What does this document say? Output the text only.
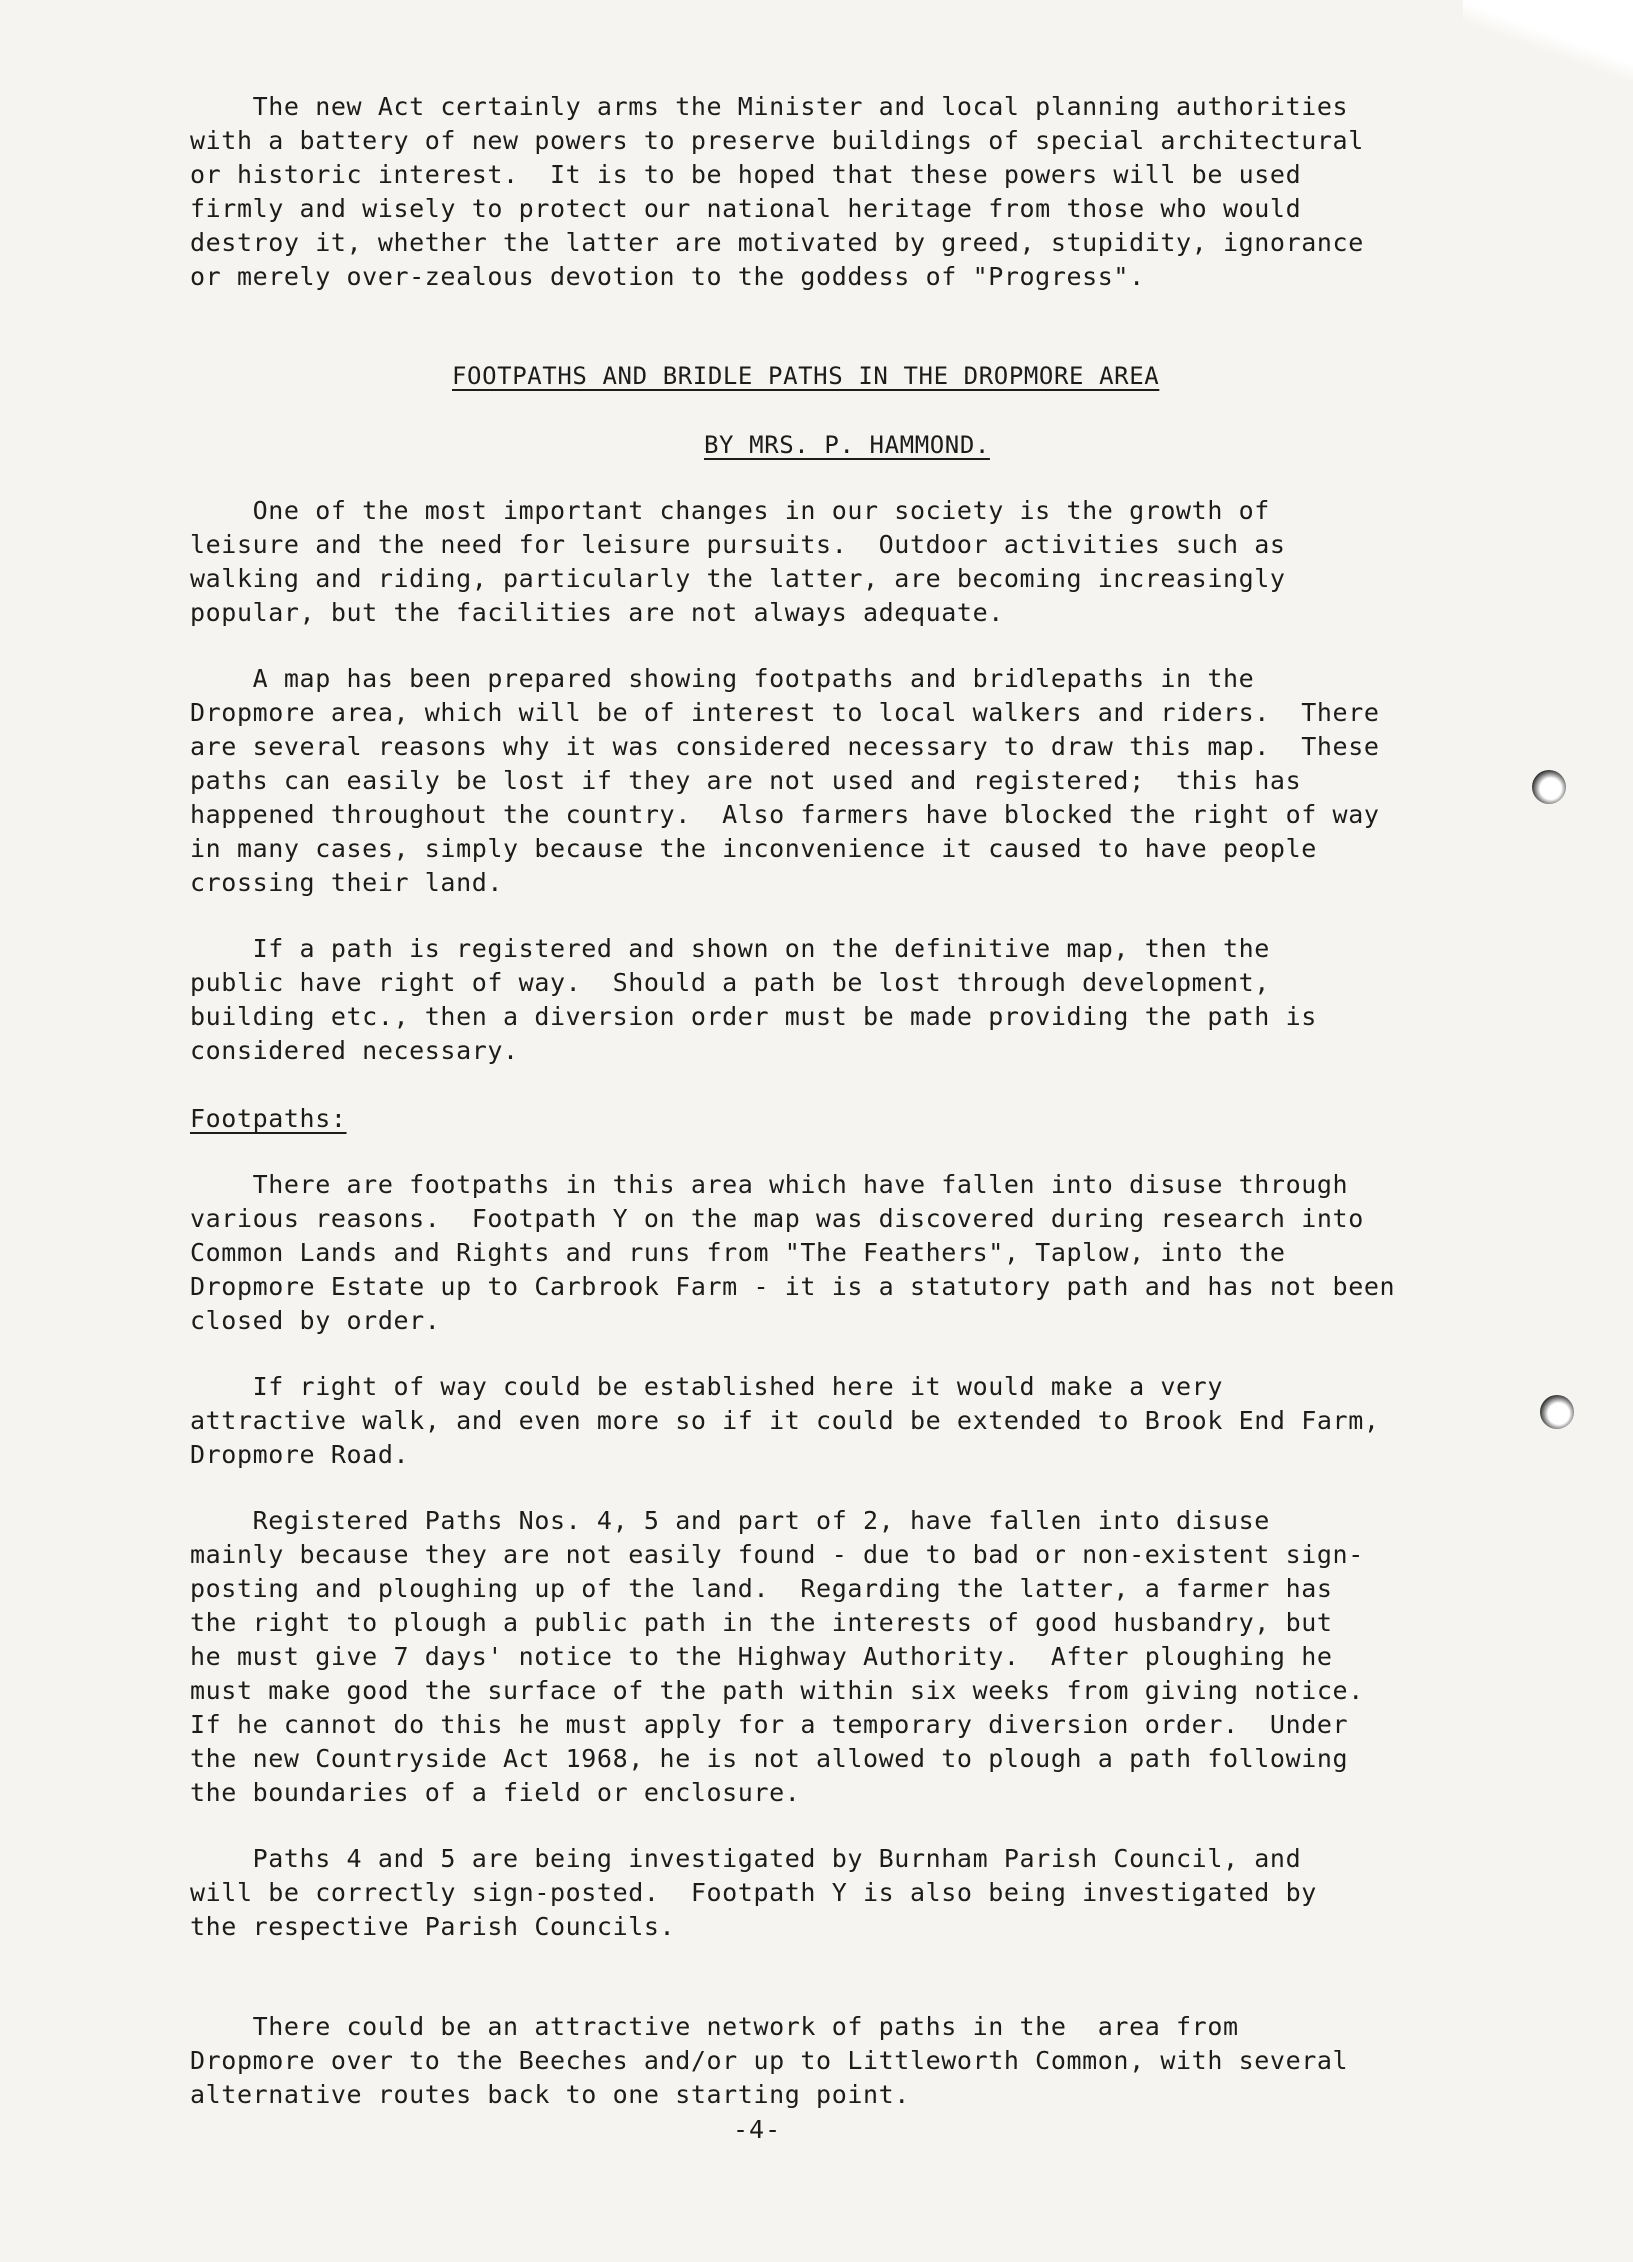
The new Act certainly arms the Minister and local planning authorities
with a battery of new powers to preserve buildings of special architectural
or historic interest.  It is to be hoped that these powers will be used
firmly and wisely to protect our national heritage from those who would
destroy it, whether the latter are motivated by greed, stupidity, ignorance
or merely over-zealous devotion to the goddess of "Progress".
FOOTPATHS AND BRIDLE PATHS IN THE DROPMORE AREA
BY MRS. P. HAMMOND.
One of the most important changes in our society is the growth of
leisure and the need for leisure pursuits.  Outdoor activities such as
walking and riding, particularly the latter, are becoming increasingly
popular, but the facilities are not always adequate.
A map has been prepared showing footpaths and bridlepaths in the
Dropmore area, which will be of interest to local walkers and riders.  There
are several reasons why it was considered necessary to draw this map.  These
paths can easily be lost if they are not used and registered;  this has
happened throughout the country.  Also farmers have blocked the right of way
in many cases, simply because the inconvenience it caused to have people
crossing their land.
If a path is registered and shown on the definitive map, then the
public have right of way.  Should a path be lost through development,
building etc., then a diversion order must be made providing the path is
considered necessary.
Footpaths:
There are footpaths in this area which have fallen into disuse through
various reasons.  Footpath Y on the map was discovered during research into
Common Lands and Rights and runs from "The Feathers", Taplow, into the
Dropmore Estate up to Carbrook Farm - it is a statutory path and has not been
closed by order.
If right of way could be established here it would make a very
attractive walk, and even more so if it could be extended to Brook End Farm,
Dropmore Road.
Registered Paths Nos. 4, 5 and part of 2, have fallen into disuse
mainly because they are not easily found - due to bad or non-existent sign-
posting and ploughing up of the land.  Regarding the latter, a farmer has
the right to plough a public path in the interests of good husbandry, but
he must give 7 days' notice to the Highway Authority.  After ploughing he
must make good the surface of the path within six weeks from giving notice.
If he cannot do this he must apply for a temporary diversion order.  Under
the new Countryside Act 1968, he is not allowed to plough a path following
the boundaries of a field or enclosure.
Paths 4 and 5 are being investigated by Burnham Parish Council, and
will be correctly sign-posted.  Footpath Y is also being investigated by
the respective Parish Councils.
There could be an attractive network of paths in the  area from
Dropmore over to the Beeches and/or up to Littleworth Common, with several
alternative routes back to one starting point.
-4-
